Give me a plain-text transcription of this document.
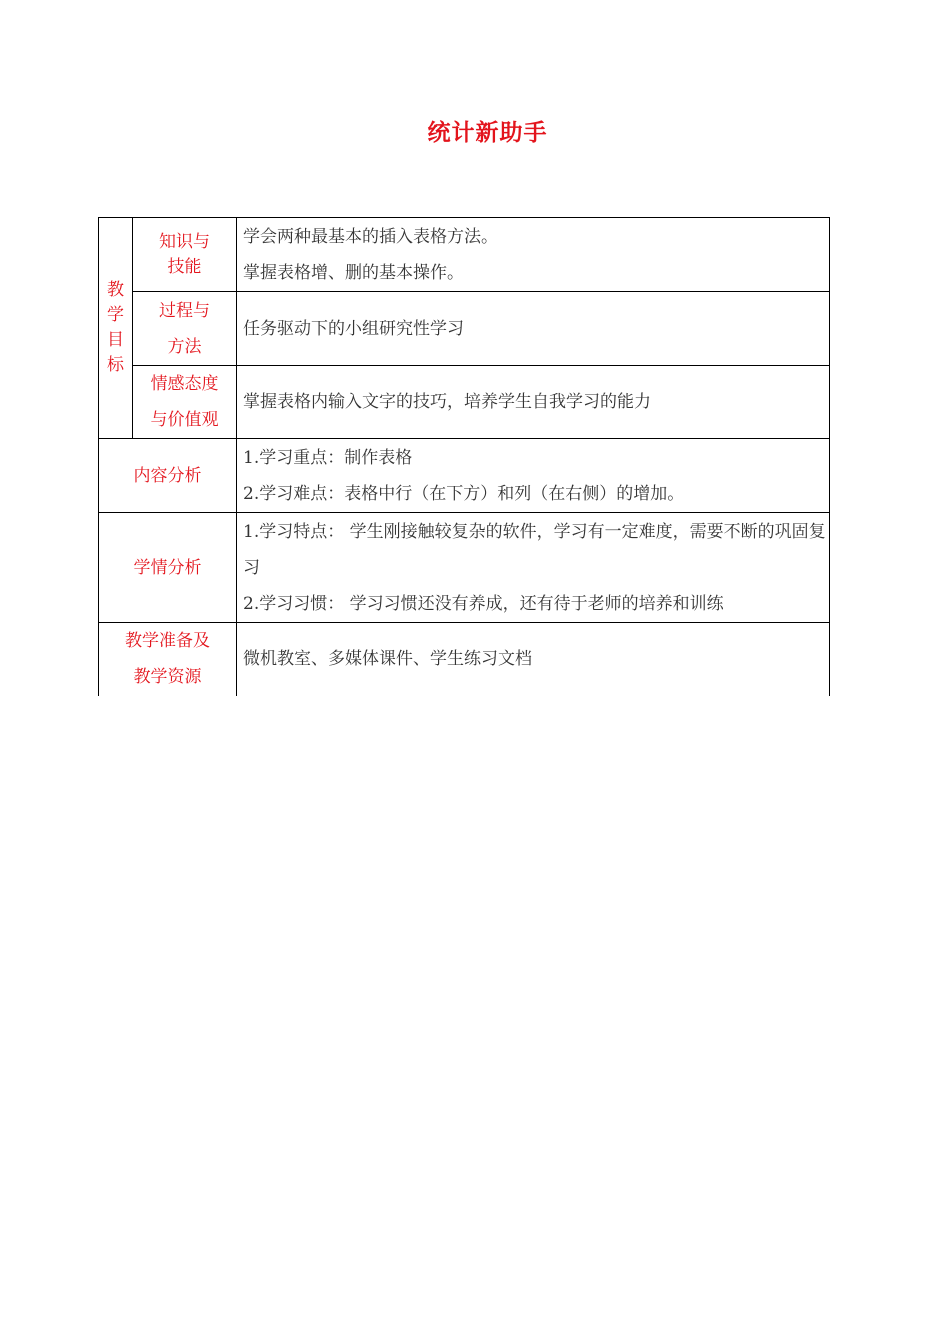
统计新助手
教
学
目
标	知识与
技能	学会两种最基本的插入表格方法。
掌握表格增、删的基本操作。

	过程与
方法	任务驱动下的小组研究性学习

	情感态度
与价值观	掌握表格内输入文字的技巧，培养学生自我学习的能力

内容分析		1.学习重点：制作表格
2.学习难点：表格中行（在下方）和列（在右侧）的增加。

学情分析		1.学习特点： 学生刚接触较复杂的软件，学习有一定难度，需要不断的巩固复习
2.学习习惯： 学习习惯还没有养成，还有待于老师的培养和训练

教学准备及
教学资源		微机教室、多媒体课件、学生练习文档
